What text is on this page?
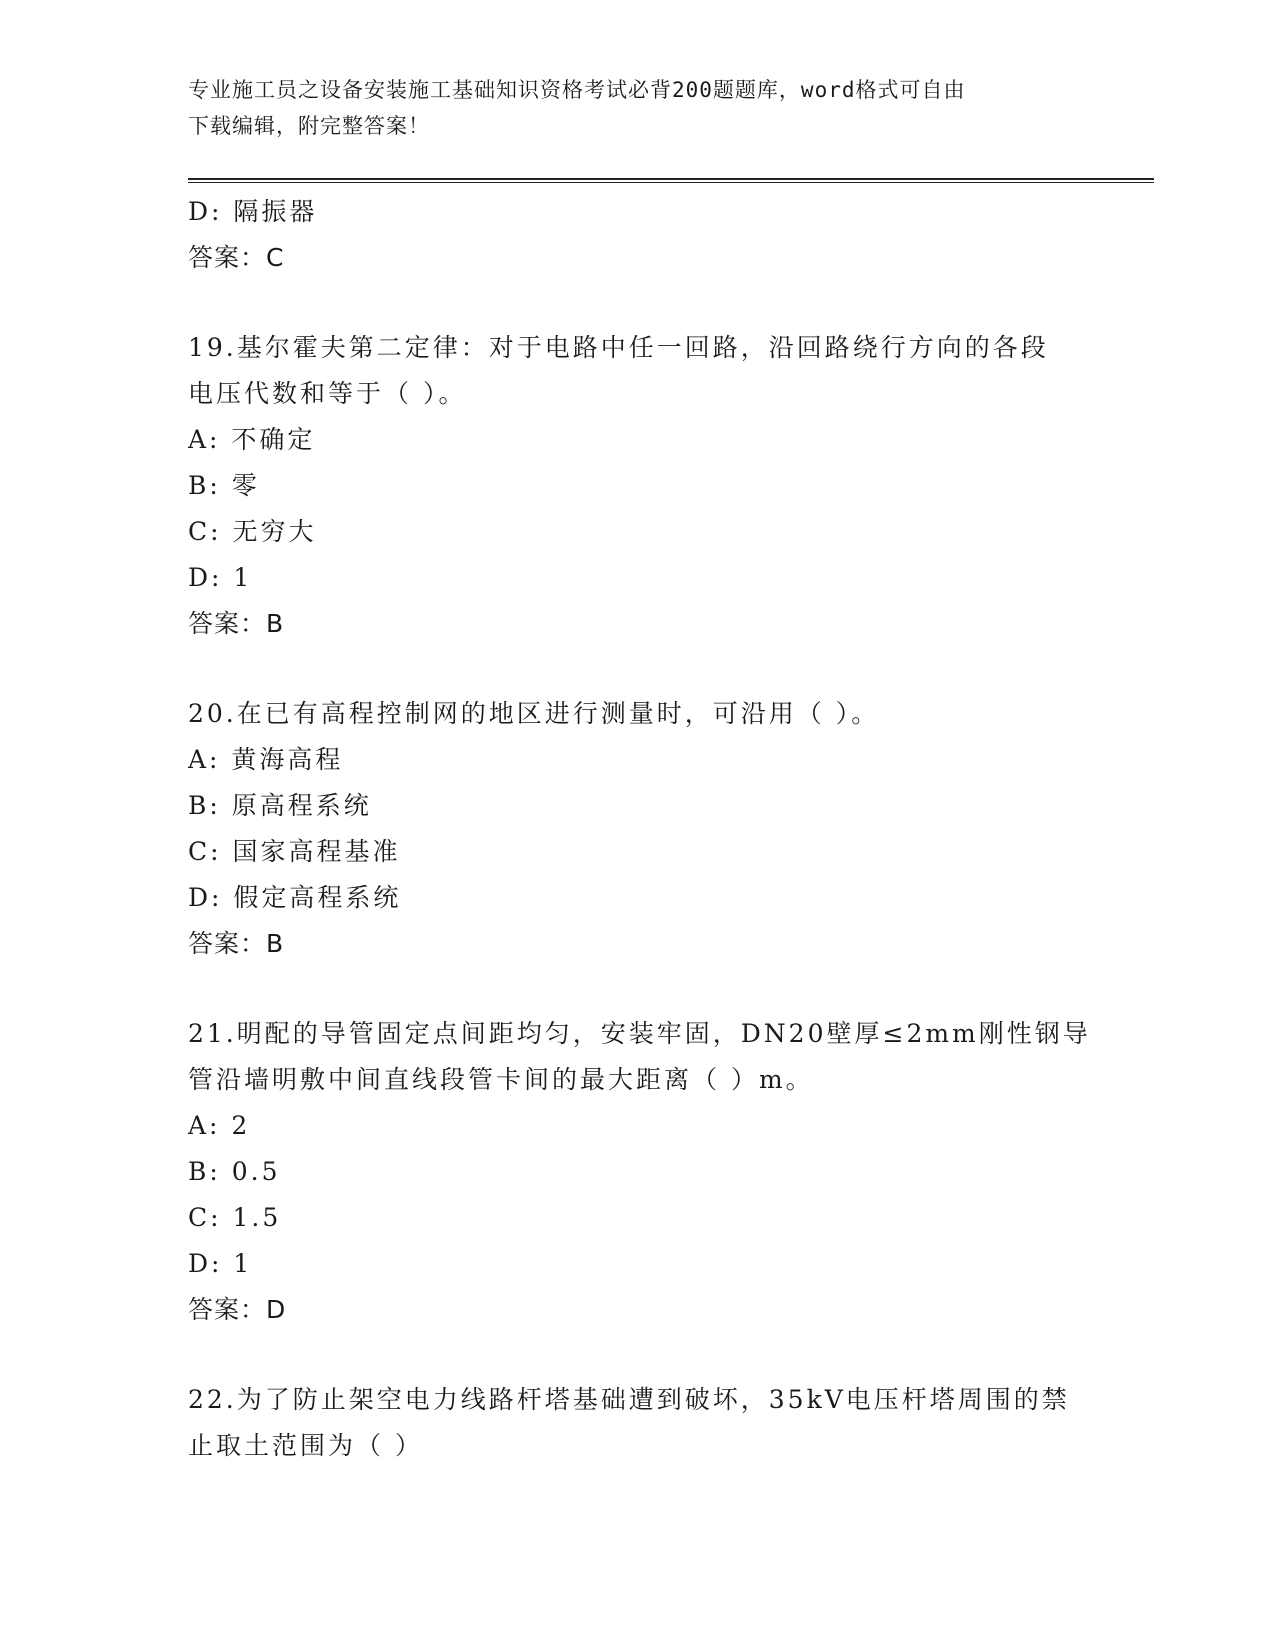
专业施工员之设备安装施工基础知识资格考试必背200题题库，word格式可自由
下载编辑，附完整答案！
D: 隔振器
答案：C
19.基尔霍夫第二定律：对于电路中任一回路，沿回路绕行方向的各段
电压代数和等于（ ）。
A: 不确定
B: 零
C: 无穷大
D: 1
答案：B
20.在已有高程控制网的地区进行测量时，可沿用（ ）。
A: 黄海高程
B: 原高程系统
C: 国家高程基准
D: 假定高程系统
答案：B
21.明配的导管固定点间距均匀，安装牢固，DN20壁厚≤2mm刚性钢导
管沿墙明敷中间直线段管卡间的最大距离（ ）m。
A: 2
B: 0.5
C: 1.5
D: 1
答案：D
22.为了防止架空电力线路杆塔基础遭到破坏，35kV电压杆塔周围的禁
止取土范围为（ ）
